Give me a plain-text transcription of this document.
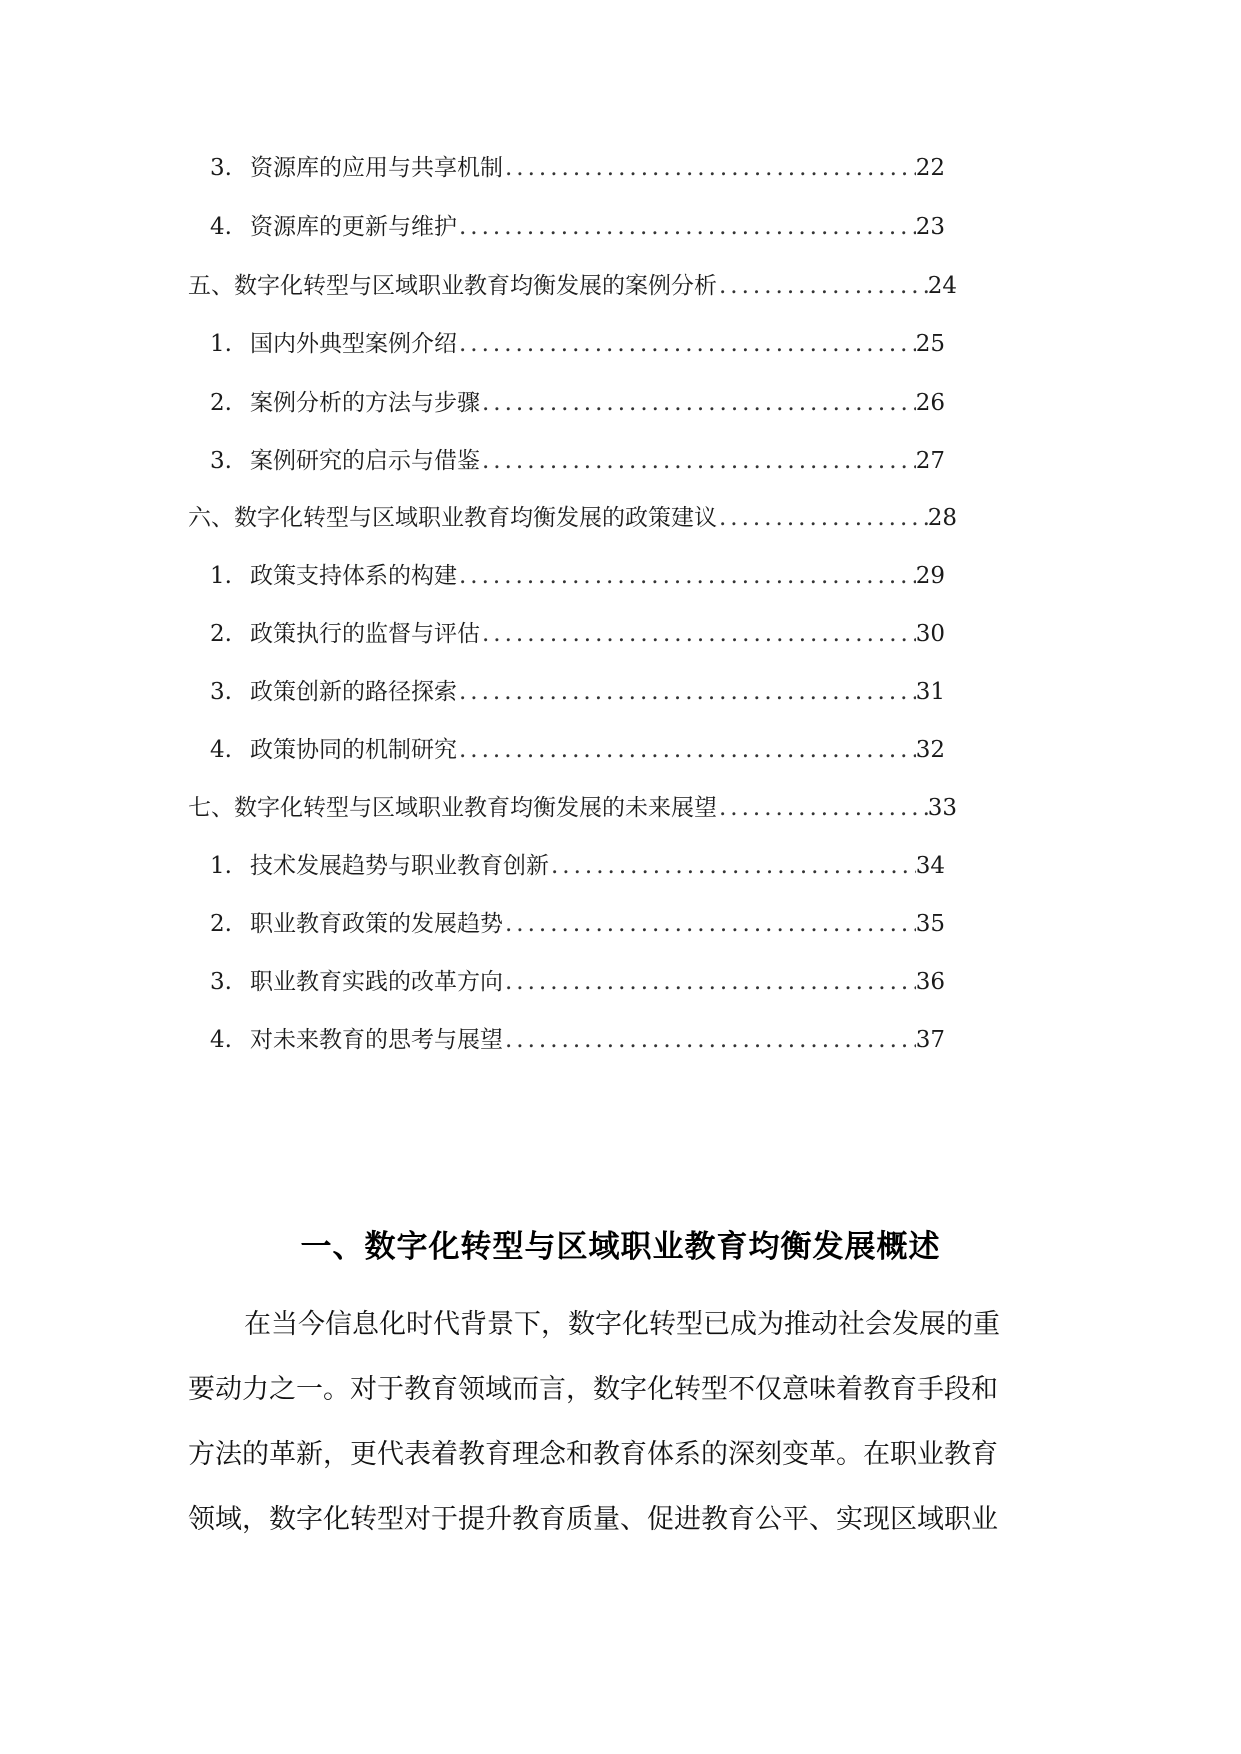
3. 资源库的应用与共享机制 .....	22
4. 资源库的更新与维护 .....	23
五、数字化转型与区域职业教育均衡发展的案例分析 .....	24
1. 国内外典型案例介绍 .....	25
2. 案例分析的方法与步骤 .....	26
3. 案例研究的启示与借鉴 .....	27
六、数字化转型与区域职业教育均衡发展的政策建议 .....	28
1. 政策支持体系的构建 .....	29
2. 政策执行的监督与评估 .....	30
3. 政策创新的路径探索 .....	31
4. 政策协同的机制研究 .....	32
七、数字化转型与区域职业教育均衡发展的未来展望 .....	33
1. 技术发展趋势与职业教育创新 .....	34
2. 职业教育政策的发展趋势 .....	35
3. 职业教育实践的改革方向 .....	36
4. 对未来教育的思考与展望 .....	37
一、数字化转型与区域职业教育均衡发展概述
在当今信息化时代背景下，数字化转型已成为推动社会发展的重
要动力之一。对于教育领域而言，数字化转型不仅意味着教育手段和
方法的革新，更代表着教育理念和教育体系的深刻变革。在职业教育
领域，数字化转型对于提升教育质量、促进教育公平、实现区域职业
